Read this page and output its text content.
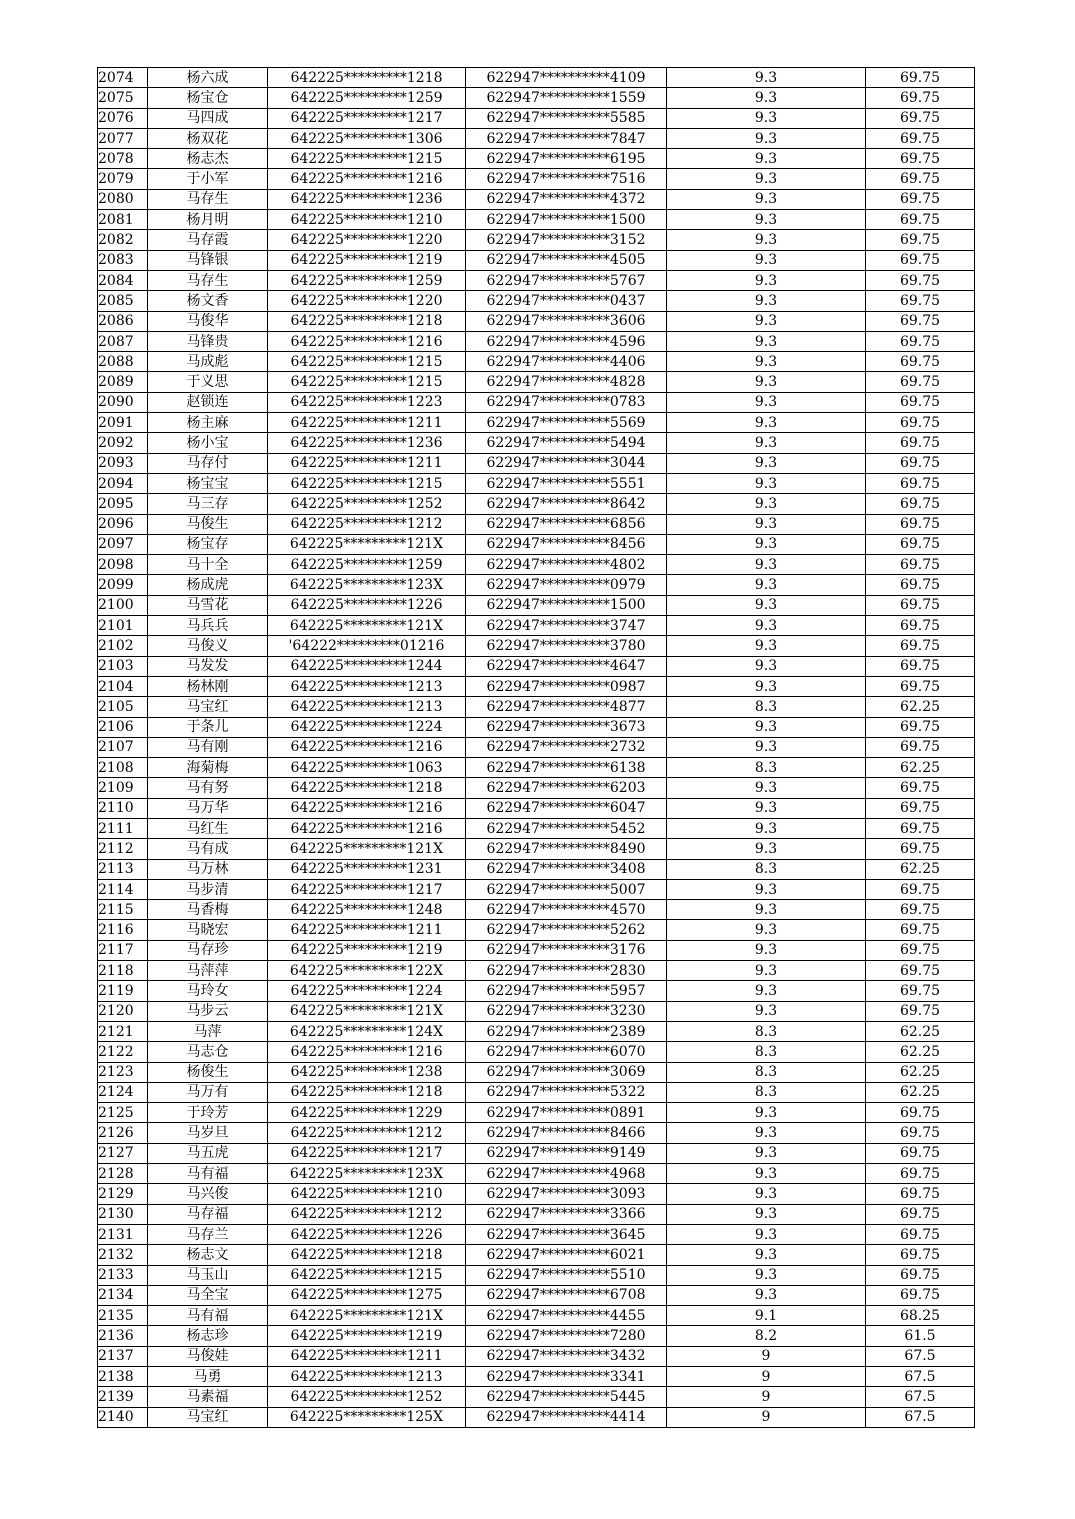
2074	杨六成	642225*********1218	622947**********4109	9.3	69.75
2075	杨宝仓	642225*********1259	622947**********1559	9.3	69.75
2076	马四成	642225*********1217	622947**********5585	9.3	69.75
2077	杨双花	642225*********1306	622947**********7847	9.3	69.75
2078	杨志杰	642225*********1215	622947**********6195	9.3	69.75
2079	于小军	642225*********1216	622947**********7516	9.3	69.75
2080	马存生	642225*********1236	622947**********4372	9.3	69.75
2081	杨月明	642225*********1210	622947**********1500	9.3	69.75
2082	马存霞	642225*********1220	622947**********3152	9.3	69.75
2083	马锋银	642225*********1219	622947**********4505	9.3	69.75
2084	马存生	642225*********1259	622947**********5767	9.3	69.75
2085	杨文香	642225*********1220	622947**********0437	9.3	69.75
2086	马俊华	642225*********1218	622947**********3606	9.3	69.75
2087	马锋贵	642225*********1216	622947**********4596	9.3	69.75
2088	马成彪	642225*********1215	622947**********4406	9.3	69.75
2089	于义思	642225*********1215	622947**********4828	9.3	69.75
2090	赵锁连	642225*********1223	622947**********0783	9.3	69.75
2091	杨主麻	642225*********1211	622947**********5569	9.3	69.75
2092	杨小宝	642225*********1236	622947**********5494	9.3	69.75
2093	马存付	642225*********1211	622947**********3044	9.3	69.75
2094	杨宝宝	642225*********1215	622947**********5551	9.3	69.75
2095	马三存	642225*********1252	622947**********8642	9.3	69.75
2096	马俊生	642225*********1212	622947**********6856	9.3	69.75
2097	杨宝存	642225*********121X	622947**********8456	9.3	69.75
2098	马十全	642225*********1259	622947**********4802	9.3	69.75
2099	杨成虎	642225*********123X	622947**********0979	9.3	69.75
2100	马雪花	642225*********1226	622947**********1500	9.3	69.75
2101	马兵兵	642225*********121X	622947**********3747	9.3	69.75
2102	马俊义	'64222*********01216	622947**********3780	9.3	69.75
2103	马发发	642225*********1244	622947**********4647	9.3	69.75
2104	杨林刚	642225*********1213	622947**********0987	9.3	69.75
2105	马宝红	642225*********1213	622947**********4877	8.3	62.25
2106	于条儿	642225*********1224	622947**********3673	9.3	69.75
2107	马有刚	642225*********1216	622947**********2732	9.3	69.75
2108	海菊梅	642225*********1063	622947**********6138	8.3	62.25
2109	马有努	642225*********1218	622947**********6203	9.3	69.75
2110	马万华	642225*********1216	622947**********6047	9.3	69.75
2111	马红生	642225*********1216	622947**********5452	9.3	69.75
2112	马有成	642225*********121X	622947**********8490	9.3	69.75
2113	马万林	642225*********1231	622947**********3408	8.3	62.25
2114	马步清	642225*********1217	622947**********5007	9.3	69.75
2115	马香梅	642225*********1248	622947**********4570	9.3	69.75
2116	马晓宏	642225*********1211	622947**********5262	9.3	69.75
2117	马存珍	642225*********1219	622947**********3176	9.3	69.75
2118	马萍萍	642225*********122X	622947**********2830	9.3	69.75
2119	马玲女	642225*********1224	622947**********5957	9.3	69.75
2120	马步云	642225*********121X	622947**********3230	9.3	69.75
2121	马萍	642225*********124X	622947**********2389	8.3	62.25
2122	马志仓	642225*********1216	622947**********6070	8.3	62.25
2123	杨俊生	642225*********1238	622947**********3069	8.3	62.25
2124	马万有	642225*********1218	622947**********5322	8.3	62.25
2125	于玲芳	642225*********1229	622947**********0891	9.3	69.75
2126	马岁旦	642225*********1212	622947**********8466	9.3	69.75
2127	马五虎	642225*********1217	622947**********9149	9.3	69.75
2128	马有福	642225*********123X	622947**********4968	9.3	69.75
2129	马兴俊	642225*********1210	622947**********3093	9.3	69.75
2130	马存福	642225*********1212	622947**********3366	9.3	69.75
2131	马存兰	642225*********1226	622947**********3645	9.3	69.75
2132	杨志文	642225*********1218	622947**********6021	9.3	69.75
2133	马玉山	642225*********1215	622947**********5510	9.3	69.75
2134	马全宝	642225*********1275	622947**********6708	9.3	69.75
2135	马有福	642225*********121X	622947**********4455	9.1	68.25
2136	杨志珍	642225*********1219	622947**********7280	8.2	61.5
2137	马俊娃	642225*********1211	622947**********3432	9	67.5
2138	马勇	642225*********1213	622947**********3341	9	67.5
2139	马素福	642225*********1252	622947**********5445	9	67.5
2140	马宝红	642225*********125X	622947**********4414	9	67.5
